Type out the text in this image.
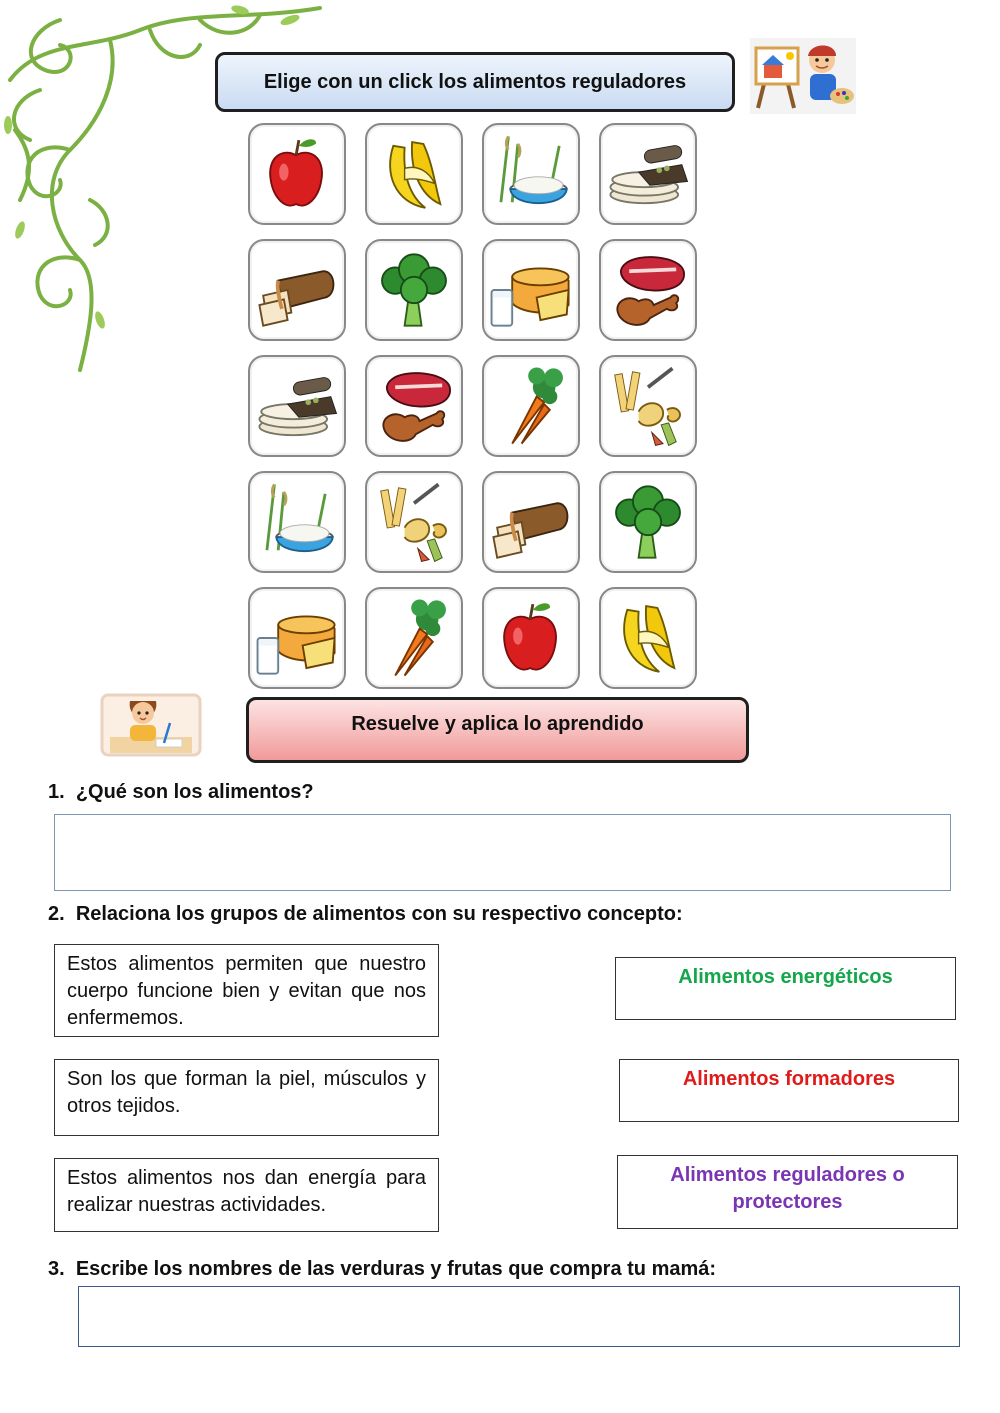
Elige con un click los alimentos reguladores
Resuelve y aplica lo aprendido
1. ¿Qué son los alimentos?
2. Relaciona los grupos de alimentos con su respectivo concepto:
Estos alimentos permiten que nuestro cuerpo funcione bien y evitan que nos enfermemos.
Son los que forman la piel, músculos y otros tejidos.
Estos alimentos nos dan energía para realizar nuestras actividades.
Alimentos energéticos
Alimentos formadores
Alimentos reguladores o protectores
3. Escribe los nombres de las verduras y frutas que compra tu mamá:
